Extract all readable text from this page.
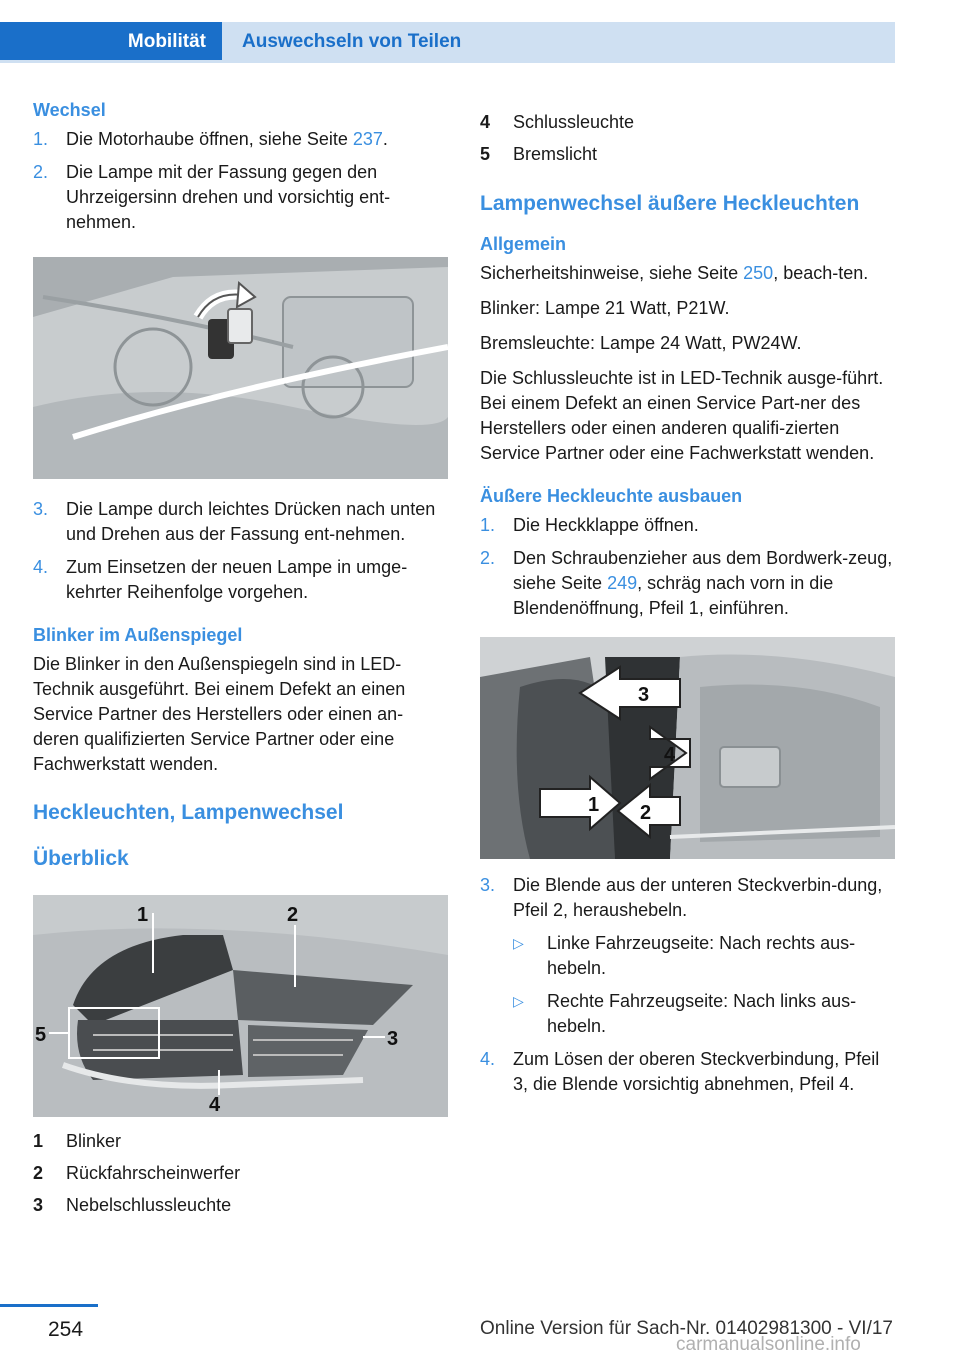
Mobilität	Auswechseln von Teilen
Wechsel
1. Die Motorhaube öffnen, siehe Seite 237.
2. Die Lampe mit der Fassung gegen den Uhrzeigersinn drehen und vorsichtig ent‐nehmen.
3. Die Lampe durch leichtes Drücken nach unten und Drehen aus der Fassung ent‐nehmen.
4. Zum Einsetzen der neuen Lampe in umge‐kehrter Reihenfolge vorgehen.
Blinker im Außenspiegel

Die Blinker in den Außenspiegeln sind in LED-Technik ausgeführt. Bei einem Defekt an einen Service Partner des Herstellers oder einen an‐deren qualifizierten Service Partner oder eine Fachwerkstatt wenden.

Heckleuchten, Lampenwechsel
Überblick
1	2
3
4
5
1	Blinker
2	Rückfahrscheinwerfer
3	Nebelschlussleuchte
4	Schlussleuchte
5	Bremslicht
Lampenwechsel äußere Heckleuchten
Allgemein

Sicherheitshinweise, siehe Seite 250, beach‐ten.

Blinker: Lampe 21 Watt, P21W.

Bremsleuchte: Lampe 24 Watt, PW24W.

Die Schlussleuchte ist in LED-Technik ausge‐führt. Bei einem Defekt an einen Service Part‐ner des Herstellers oder einen anderen qualifi‐zierten Service Partner oder eine Fachwerkstatt wenden.

Äußere Heckleuchte ausbauen
1. Die Heckklappe öffnen.
2. Den Schraubenzieher aus dem Bordwerk‐zeug, siehe Seite 249, schräg nach vorn in die Blendenöffnung, Pfeil 1, einführen.
3
4
1 2
3. Die Blende aus der unteren Steckverbin‐dung, Pfeil 2, heraushebeln.
▷	Linke Fahrzeugseite: Nach rechts aus‐hebeln.
▷	Rechte Fahrzeugseite: Nach links aus‐hebeln.
4. Zum Lösen der oberen Steckverbindung, Pfeil 3, die Blende vorsichtig abnehmen, Pfeil 4.
254	Online Version für Sach-Nr. 01402981300 - VI/17
carmanualsonline.info
